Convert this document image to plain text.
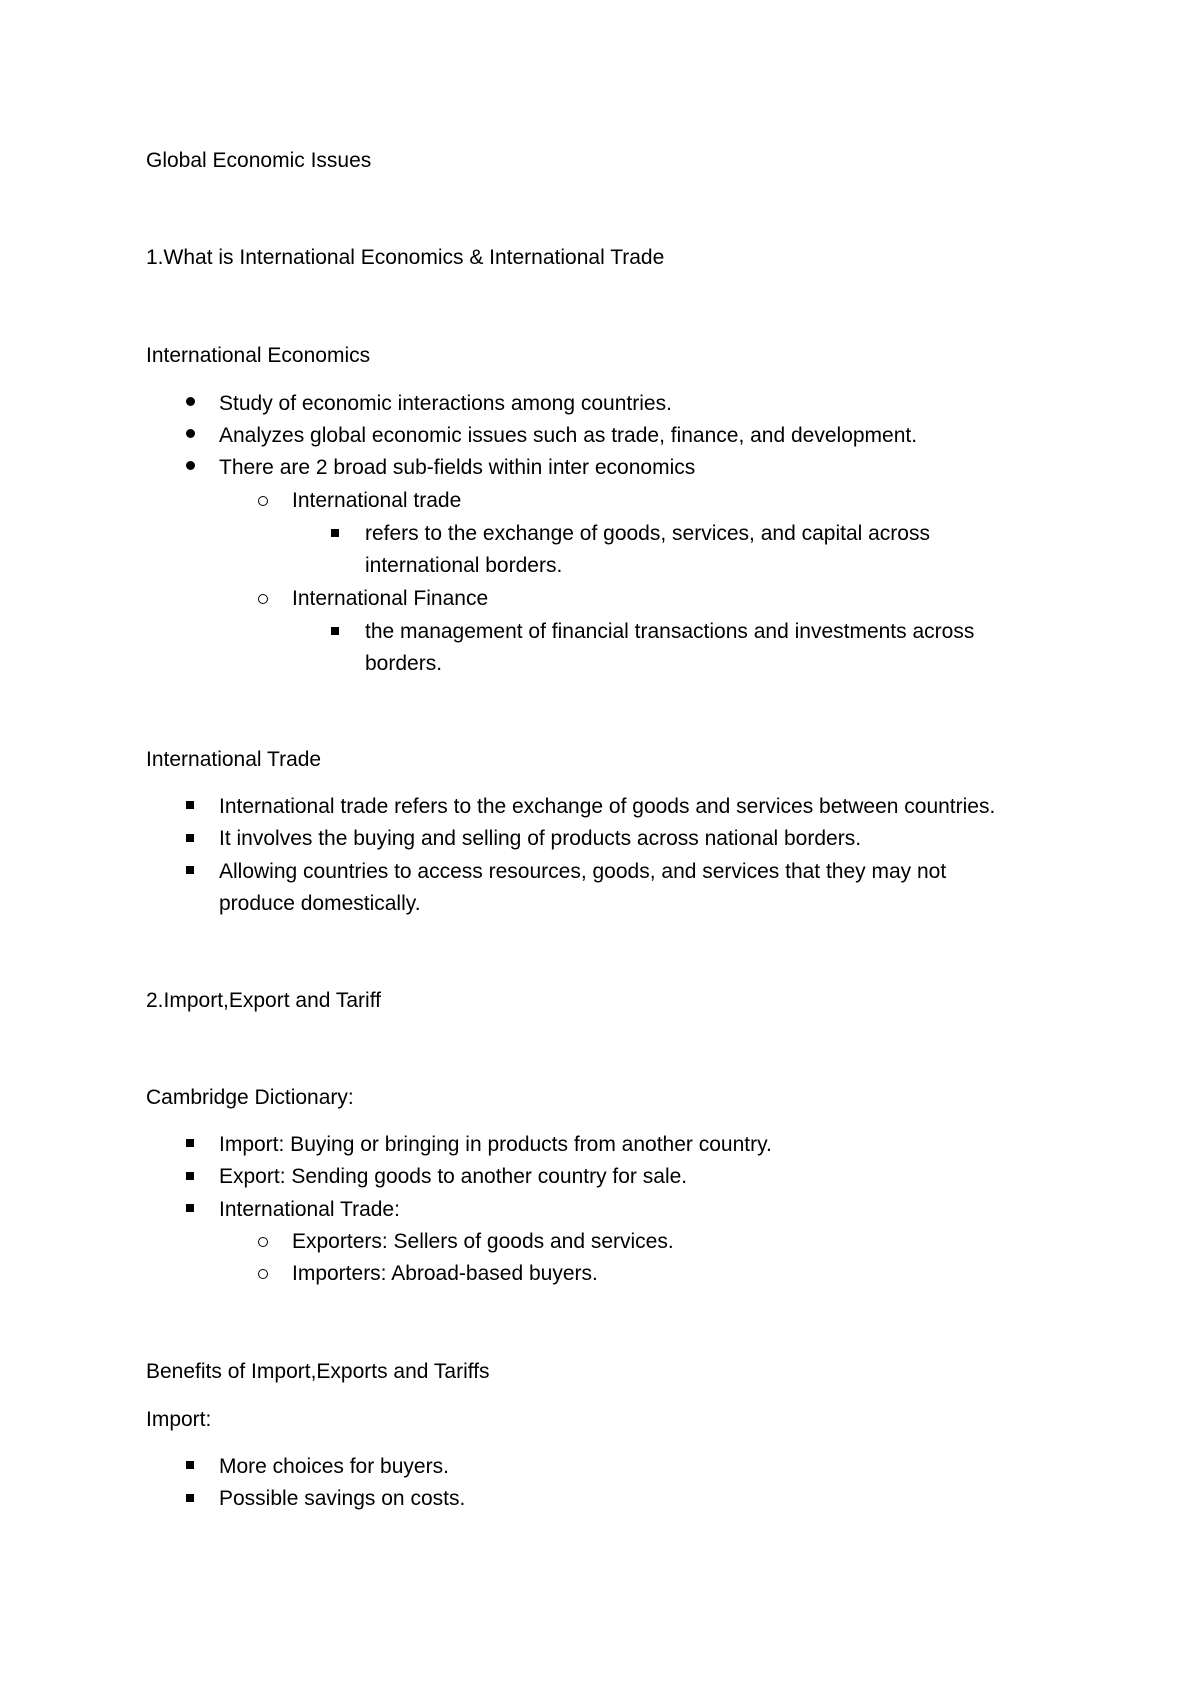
Global Economic Issues
1.What is International Economics & International Trade
International Economics
Study of economic interactions among countries.
Analyzes global economic issues such as trade, finance, and development.
There are 2 broad sub-fields within inter economics
International trade
refers to the exchange of goods, services, and capital across
international borders.
International Finance
the management of financial transactions and investments across
borders.
International Trade
International trade refers to the exchange of goods and services between countries.
It involves the buying and selling of products across national borders.
Allowing countries to access resources, goods, and services that they may not
produce domestically.
2.Import,Export and Tariff
Cambridge Dictionary:
Import: Buying or bringing in products from another country.
Export: Sending goods to another country for sale.
International Trade:
Exporters: Sellers of goods and services.
Importers: Abroad-based buyers.
Benefits of Import,Exports and Tariffs
Import:
More choices for buyers.
Possible savings on costs.
